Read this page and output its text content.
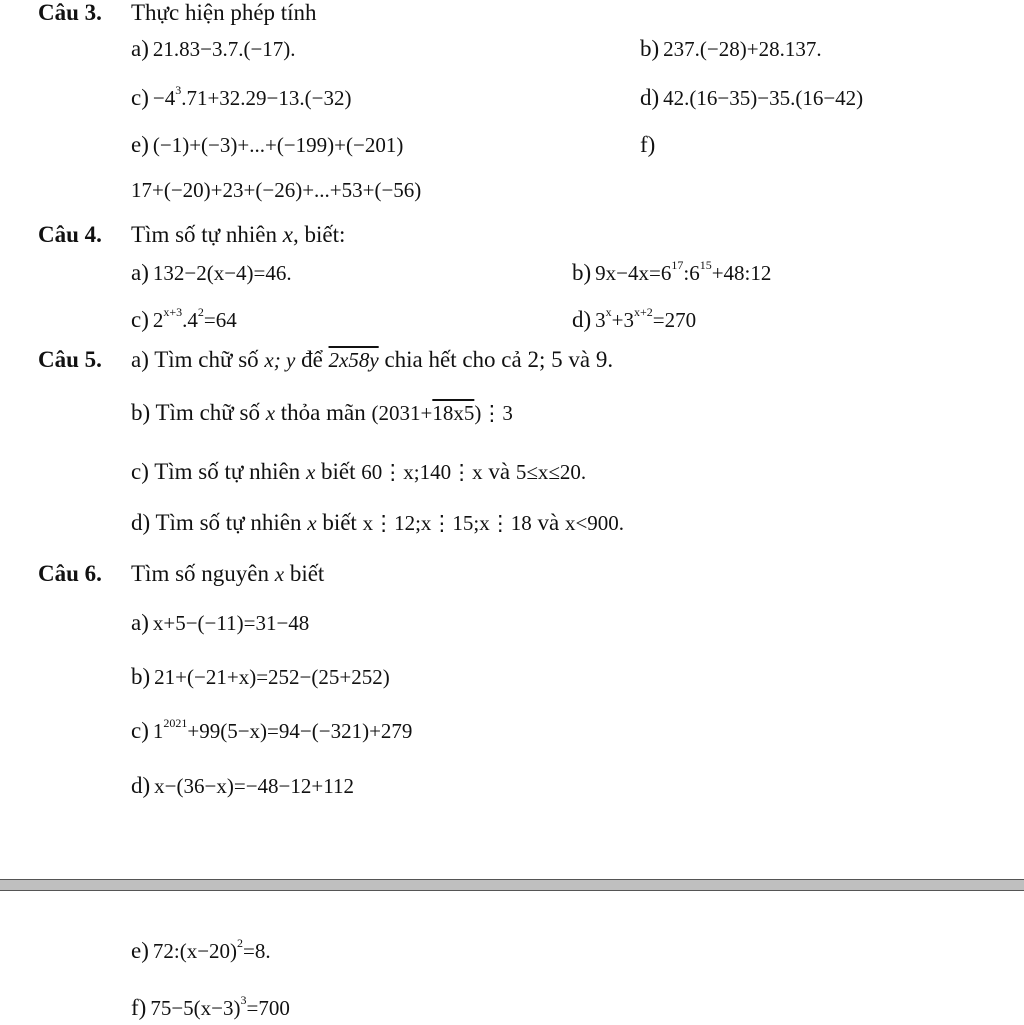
Câu 3. Thực hiện phép tính
a) 21.83−3.7.(−17).	b) 237.(−28)+28.137.
$c) -4^3.71+32.29-13.(-32)$	d) 42.(16−35)−35.(16−42)
e) (−1)+(−3)+...+(−199)+(−201)	f)
17+(−20)+23+(−26)+...+53+(−56)
Câu 4. Tìm số tự nhiên x, biết:
a) 132−2(x−4)=46.	b) $9x-4x=6^{17}:6^{15}+48:12$
c) $2^{x+3}.4^2=64$	d) $3^x+3^{x+2}=270$
Câu 5. a) Tìm chữ số x; y để 2x58y chia hết cho cả 2; 5 và 9.
b) Tìm chữ số x thỏa mãn (2031+18x5)⋮3
c) Tìm số tự nhiên x biết 60⋮x;140⋮x và 5≤x≤20.
d) Tìm số tự nhiên x biết x⋮12;x⋮15;x⋮18 và x<900.
Câu 6. Tìm số nguyên x biết
a) x+5−(−11)=31−48
b) 21+(−21+x)=252−(25+252)
c) $1^{2021}+99(5-x)=94-(-321)+279$
d) x−(36−x)=−48−12+112
e) $72:(x-20)^2=8$.
f) $75-5(x-3)^3=700$
